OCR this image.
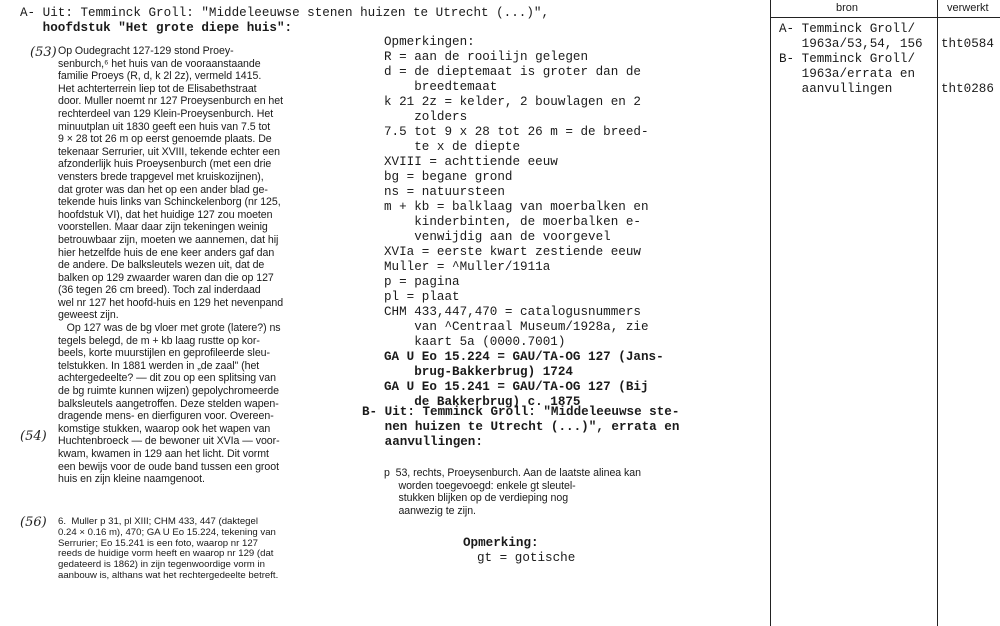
A- Uit: Temminck Groll: "Middeleeuwse stenen huizen te Utrecht (...)",
hoofdstuk "Het grote diepe huis":
(53)
(54)
(56)
Op Oudegracht 127-129 stond Proey-
senburch,⁶ het huis van de vooraanstaande
familie Proeys (R, d, k 2l 2z), vermeld 1415.
Het achterterrein liep tot de Elisabethstraat
door. Muller noemt nr 127 Proeysenburch en het
rechterdeel van 129 Klein-Proeysenburch. Het
minuutplan uit 1830 geeft een huis van 7.5 tot
9 × 28 tot 26 m op eerst genoemde plaats. De
tekenaar Serrurier, uit XVIII, tekende echter een
afzonderlijk huis Proeysenburch (met een drie
vensters brede trapgevel met kruiskozijnen),
dat groter was dan het op een ander blad ge-
tekende huis links van Schinckelenborg (nr 125,
hoofdstuk VI), dat het huidige 127 zou moeten
voorstellen. Maar daar zijn tekeningen weinig
betrouwbaar zijn, moeten we aannemen, dat hij
hier hetzelfde huis de ene keer anders gaf dan
de andere. De balksleutels wezen uit, dat de
balken op 129 zwaarder waren dan die op 127
(36 tegen 26 cm breed). Toch zal inderdaad
wel nr 127 het hoofd-huis en 129 het nevenpand
geweest zijn.
Op 127 was de bg vloer met grote (latere?) ns
tegels belegd, de m + kb laag rustte op kor-
beels, korte muurstijlen en geprofileerde sleu-
telstukken. In 1881 werden in „de zaal" (het
achtergedeelte? — dit zou op een splitsing van
de bg ruimte kunnen wijzen) gepolychromeerde
balksleutels aangetroffen. Deze stelden wapen-
dragende mens- en dierfiguren voor. Overeen-
komstige stukken, waarop ook het wapen van
Huchtenbroeck — de bewoner uit XVIa — voor-
kwam, kwamen in 129 aan het licht. Dit vormt
een bewijs voor de oude band tussen een groot
huis en zijn kleine naamgenoot.
6.  Muller p 31, pl XIII; CHM 433, 447 (daktegel
0.24 × 0.16 m), 470; GA U Eo 15.224, tekening van
Serrurier; Eo 15.241 is een foto, waarop nr 127
reeds de huidige vorm heeft en waarop nr 129 (dat
gedateerd is 1862) in zijn tegenwoordige vorm in
aanbouw is, althans wat het rechtergedeelte betreft.
Opmerkingen:
R = aan de rooilijn gelegen
d = de dieptemaat is groter dan de
breedtemaat
k 21 2z = kelder, 2 bouwlagen en 2
zolders
7.5 tot 9 x 28 tot 26 m = de breed-
te x de diepte
XVIII = achttiende eeuw
bg = begane grond
ns = natuursteen
m + kb = balklaag van moerbalken en
kinderbinten, de moerbalken e-
venwijdig aan de voorgevel
XVIa = eerste kwart zestiende eeuw
Muller = ^Muller/1911a
p = pagina
pl = plaat
CHM 433,447,470 = catalogusnummers
van ^Centraal Museum/1928a, zie
kaart 5a (0000.7001)
GA U Eo 15.224 = GAU/TA-OG 127 (Jans-
brug-Bakkerbrug) 1724
GA U Eo 15.241 = GAU/TA-OG 127 (Bij
de Bakkerbrug) c. 1875
B- Uit: Temminck Groll: "Middeleeuwse ste-
nen huizen te Utrecht (...)", errata en
aanvullingen:
p  53, rechts, Proeysenburch. Aan de laatste alinea kan
worden toegevoegd: enkele gt sleutel-
stukken blijken op de verdieping nog
aanwezig te zijn.
Opmerking:
gt = gotische
bron	verwerkt
A- Temminck Groll/
1963a/53,54, 156
B- Temminck Groll/
1963a/errata en
aanvullingen
tht0584
tht0286
